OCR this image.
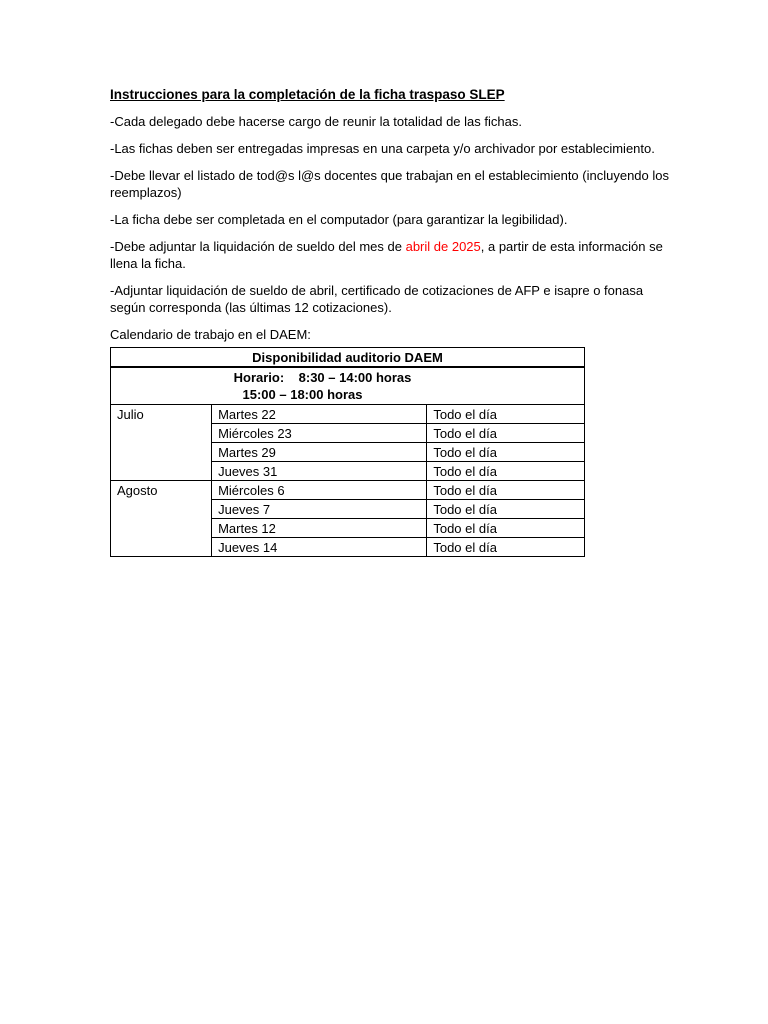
Instrucciones para la completación de la ficha traspaso SLEP
-Cada delegado debe hacerse cargo de reunir la totalidad de las fichas.
-Las fichas deben ser entregadas impresas en una carpeta y/o archivador por establecimiento.
-Debe llevar el listado de tod@s l@s docentes que trabajan en el establecimiento (incluyendo los reemplazos)
-La ficha debe ser completada en el computador (para garantizar la legibilidad).
-Debe adjuntar la liquidación de sueldo del mes de abril de 2025, a partir de esta información se llena la ficha.
-Adjuntar liquidación de sueldo de abril, certificado de cotizaciones de AFP e isapre o fonasa según corresponda (las últimas 12 cotizaciones).
Calendario de trabajo en el DAEM:
Disponibilidad auditorio DAEM		

Horario:    8:30 – 14:00 horas
15:00 – 18:00 horas		

Julio	Martes 22	Todo el día
	Miércoles 23	Todo el día
	Martes 29	Todo el día
	Jueves 31	Todo el día
Agosto	Miércoles 6	Todo el día
	Jueves 7	Todo el día
	Martes 12	Todo el día
	Jueves 14	Todo el día
